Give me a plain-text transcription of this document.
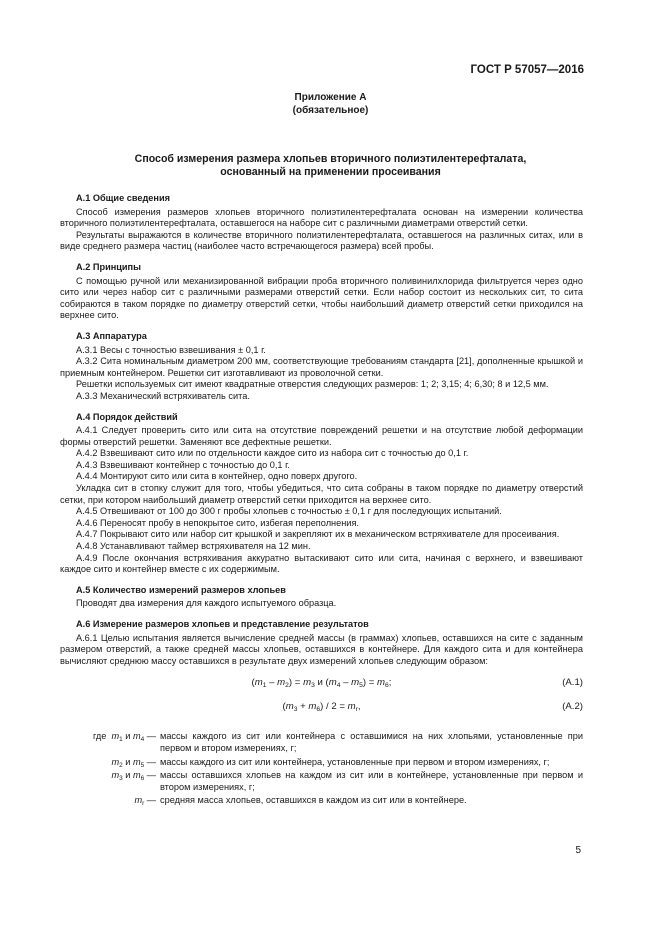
ГОСТ Р 57057—2016
Приложение А
(обязательное)
Способ измерения размера хлопьев вторичного полиэтилентерефталата,
основанный на применении просеивания
А.1 Общие сведения

Способ измерения размеров хлопьев вторичного полиэтилентерефталата основан на измерении количества вторичного полиэтилентерефталата, оставшегося на наборе сит с различными диаметрами отверстий сетки.

Результаты выражаются в количестве вторичного полиэтилентерефталата, оставшегося на различных ситах, или в виде среднего размера частиц (наиболее часто встречающегося размера) всей пробы.

А.2 Принципы

С помощью ручной или механизированной вибрации проба вторичного поливинилхлорида фильтруется через одно сито или через набор сит с различными размерами отверстий сетки. Если набор состоит из нескольких сит, то сита собираются в таком порядке по диаметру отверстий сетки, чтобы наибольший диаметр отверстий сетки приходился на верхнее сито.

А.3 Аппаратура

А.3.1 Весы с точностью взвешивания ± 0,1 г.

А.3.2 Сита номинальным диаметром 200 мм, соответствующие требованиям стандарта [21], дополненные крышкой и приемным контейнером. Решетки сит изготавливают из проволочной сетки.

Решетки используемых сит имеют квадратные отверстия следующих размеров: 1; 2; 3,15; 4; 6,30; 8 и 12,5 мм.

А.3.3 Механический встряхиватель сита.

А.4 Порядок действий

А.4.1 Следует проверить сито или сита на отсутствие повреждений решетки и на отсутствие любой деформации формы отверстий решетки. Заменяют все дефектные решетки.

А.4.2 Взвешивают сито или по отдельности каждое сито из набора сит с точностью до 0,1 г.

А.4.3 Взвешивают контейнер с точностью до 0,1 г.

А.4.4 Монтируют сито или сита в контейнер, одно поверх другого.

Укладка сит в стопку служит для того, чтобы убедиться, что сита собраны в таком порядке по диаметру отверстий сетки, при котором наибольший диаметр отверстий сетки приходится на верхнее сито.

А.4.5 Отвешивают от 100 до 300 г пробы хлопьев с точностью ± 0,1 г для последующих испытаний.

А.4.6 Переносят пробу в непокрытое сито, избегая переполнения.

А.4.7 Покрывают сито или набор сит крышкой и закрепляют их в механическом встряхивателе для просеивания.

А.4.8 Устанавливают таймер встряхивателя на 12 мин.

А.4.9 После окончания встряхивания аккуратно вытаскивают сито или сита, начиная с верхнего, и взвешивают каждое сито и контейнер вместе с их содержимым.

А.5 Количество измерений размеров хлопьев

Проводят два измерения для каждого испытуемого образца.

А.6 Измерение размеров хлопьев и представление результатов

А.6.1 Целью испытания является вычисление средней массы (в граммах) хлопьев, оставшихся на сите с заданным размером отверстий, а также средней массы хлопьев, оставшихся в контейнере. Для каждого сита и для контейнера вычисляют среднюю массу оставшихся в результате двух измерений хлопьев следующим образом:

$(m_1 - m_2) = m_3$ и $(m_4 - m_5) = m_6$;	(А.1)
$(m_3 + m_6) / 2 = m_r$,	(А.2)
где $m_1$ и $m_4$ — массы каждого из сит или контейнера с оставшимися на них хлопьями, установленные при первом и втором измерениях, г;
$m_2$ и $m_5$ — массы каждого из сит или контейнера, установленные при первом и втором измерениях, г;
$m_3$ и $m_6$ — массы оставшихся хлопьев на каждом из сит или в контейнере, установленные при первом и втором измерениях, г;
$m_r$ — средняя масса хлопьев, оставшихся в каждом из сит или в контейнере.
5
